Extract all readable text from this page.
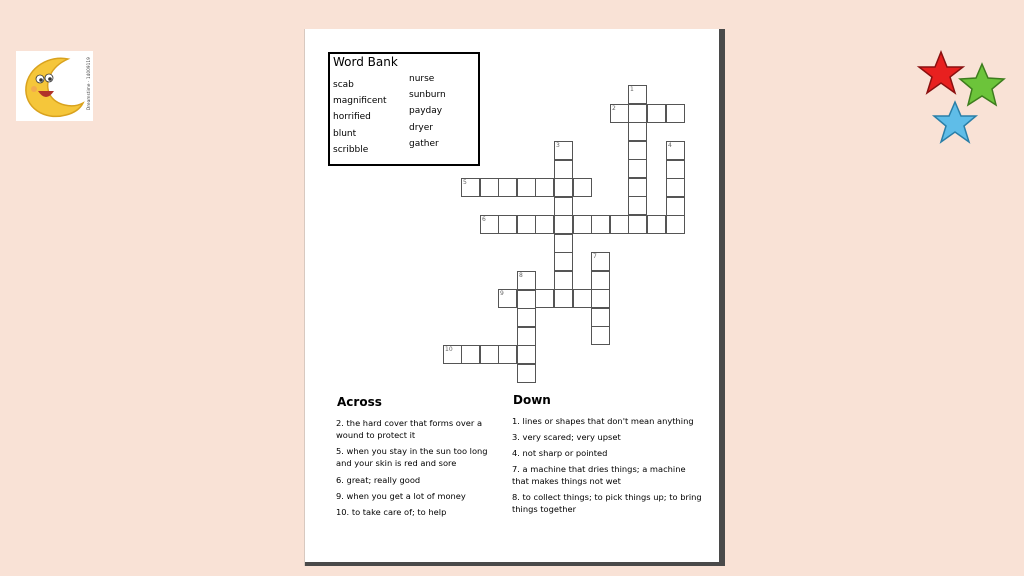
Dreamstime · 14009119	Word Bank
scab
magnificent
horrified
blunt
scribble
nurse
sunburn
payday
dryer
gather
1
2
3	4
5
6
7
8
9
10
Across
2. the hard cover that forms over a wound to protect it
5. when you stay in the sun too long and your skin is red and sore
6. great; really good
9. when you get a lot of money
10. to take care of; to help
Down
1. lines or shapes that don't mean anything
3. very scared; very upset
4. not sharp or pointed
7. a machine that dries things; a machine that makes things not wet
8. to collect things; to pick things up; to bring things together
